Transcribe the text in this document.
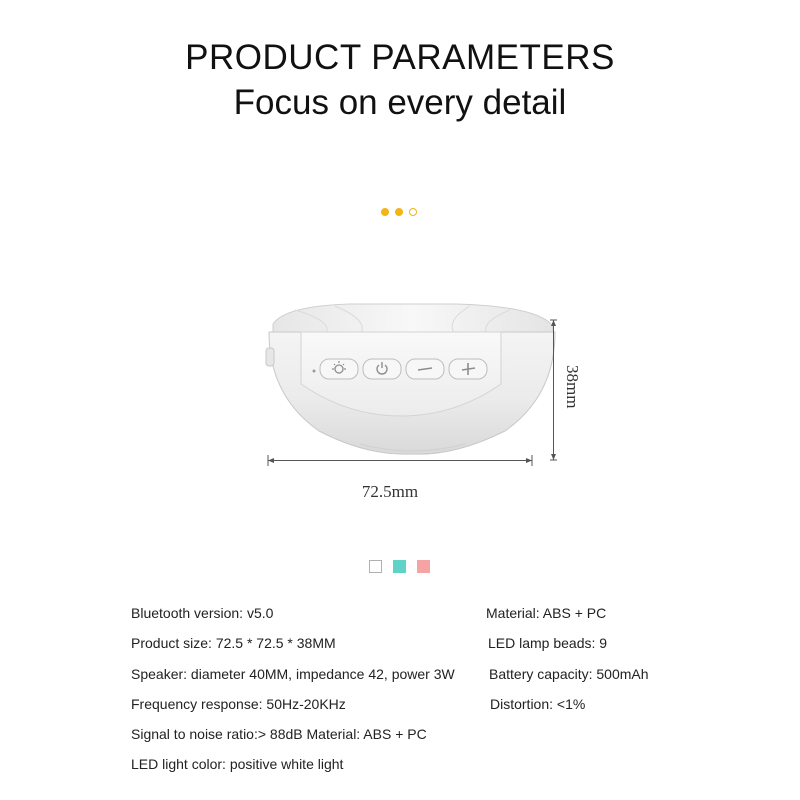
PRODUCT PARAMETERS
Focus on every detail
38mm
72.5mm
Bluetooth version: v5.0
Product size: 72.5 * 72.5 * 38MM
Speaker: diameter 40MM, impedance 42, power 3W
Frequency response: 50Hz-20KHz
Signal to noise ratio:> 88dB Material: ABS + PC
LED light color: positive white light
Material: ABS + PC
LED lamp beads: 9
Battery capacity: 500mAh
Distortion: <1%
